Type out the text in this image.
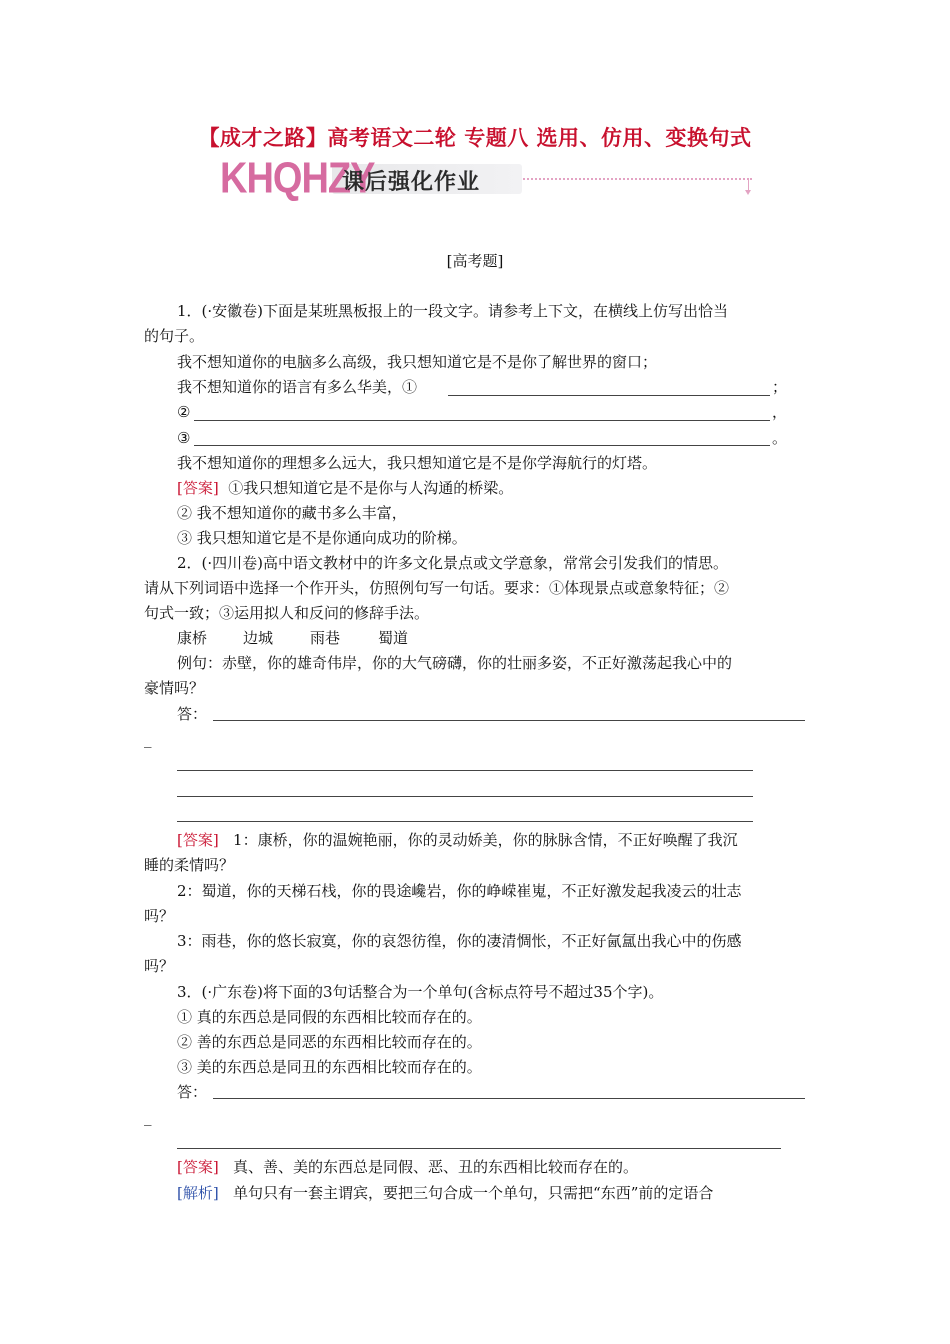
【成才之路】高考语文二轮 专题八 选用、仿用、变换句式
KHQHZY
课后强化作业
[高考题]
1．(·安徽卷)下面是某班黑板报上的一段文字。请参考上下文，在横线上仿写出恰当
的句子。
我不想知道你的电脑多么高级，我只想知道它是不是你了解世界的窗口；
我不想知道你的语言有多么华美，①	；
②	，
③	。
我不想知道你的理想多么远大，我只想知道它是不是你学海航行的灯塔。
[答案] ①我只想知道它是不是你与人沟通的桥梁。
② 我不想知道你的藏书多么丰富，
③ 我只想知道它是不是你通向成功的阶梯。
2．(·四川卷)高中语文教材中的许多文化景点或文学意象，常常会引发我们的情思。
请从下列词语中选择一个作开头，仿照例句写一句话。要求：①体现景点或意象特征；②
句式一致；③运用拟人和反问的修辞手法。
康桥 边城 雨巷	蜀道
例句：赤壁，你的雄奇伟岸，你的大气磅礴，你的壮丽多姿，不正好激荡起我心中的
豪情吗？
答：
_
[答案] 1：康桥，你的温婉艳丽，你的灵动娇美，你的脉脉含情，不正好唤醒了我沉
睡的柔情吗？
2：蜀道，你的天梯石栈，你的畏途巉岩，你的峥嵘崔嵬，不正好激发起我凌云的壮志
吗？
3：雨巷，你的悠长寂寞，你的哀怨彷徨，你的凄清惆怅，不正好氤氲出我心中的伤感
吗？
3．(·广东卷)将下面的3句话整合为一个单句(含标点符号不超过35个字)。
① 真的东西总是同假的东西相比较而存在的。
② 善的东西总是同恶的东西相比较而存在的。
③ 美的东西总是同丑的东西相比较而存在的。
答：
_
[答案] 真、善、美的东西总是同假、恶、丑的东西相比较而存在的。
[解析] 单句只有一套主谓宾，要把三句合成一个单句，只需把“东西”前的定语合
